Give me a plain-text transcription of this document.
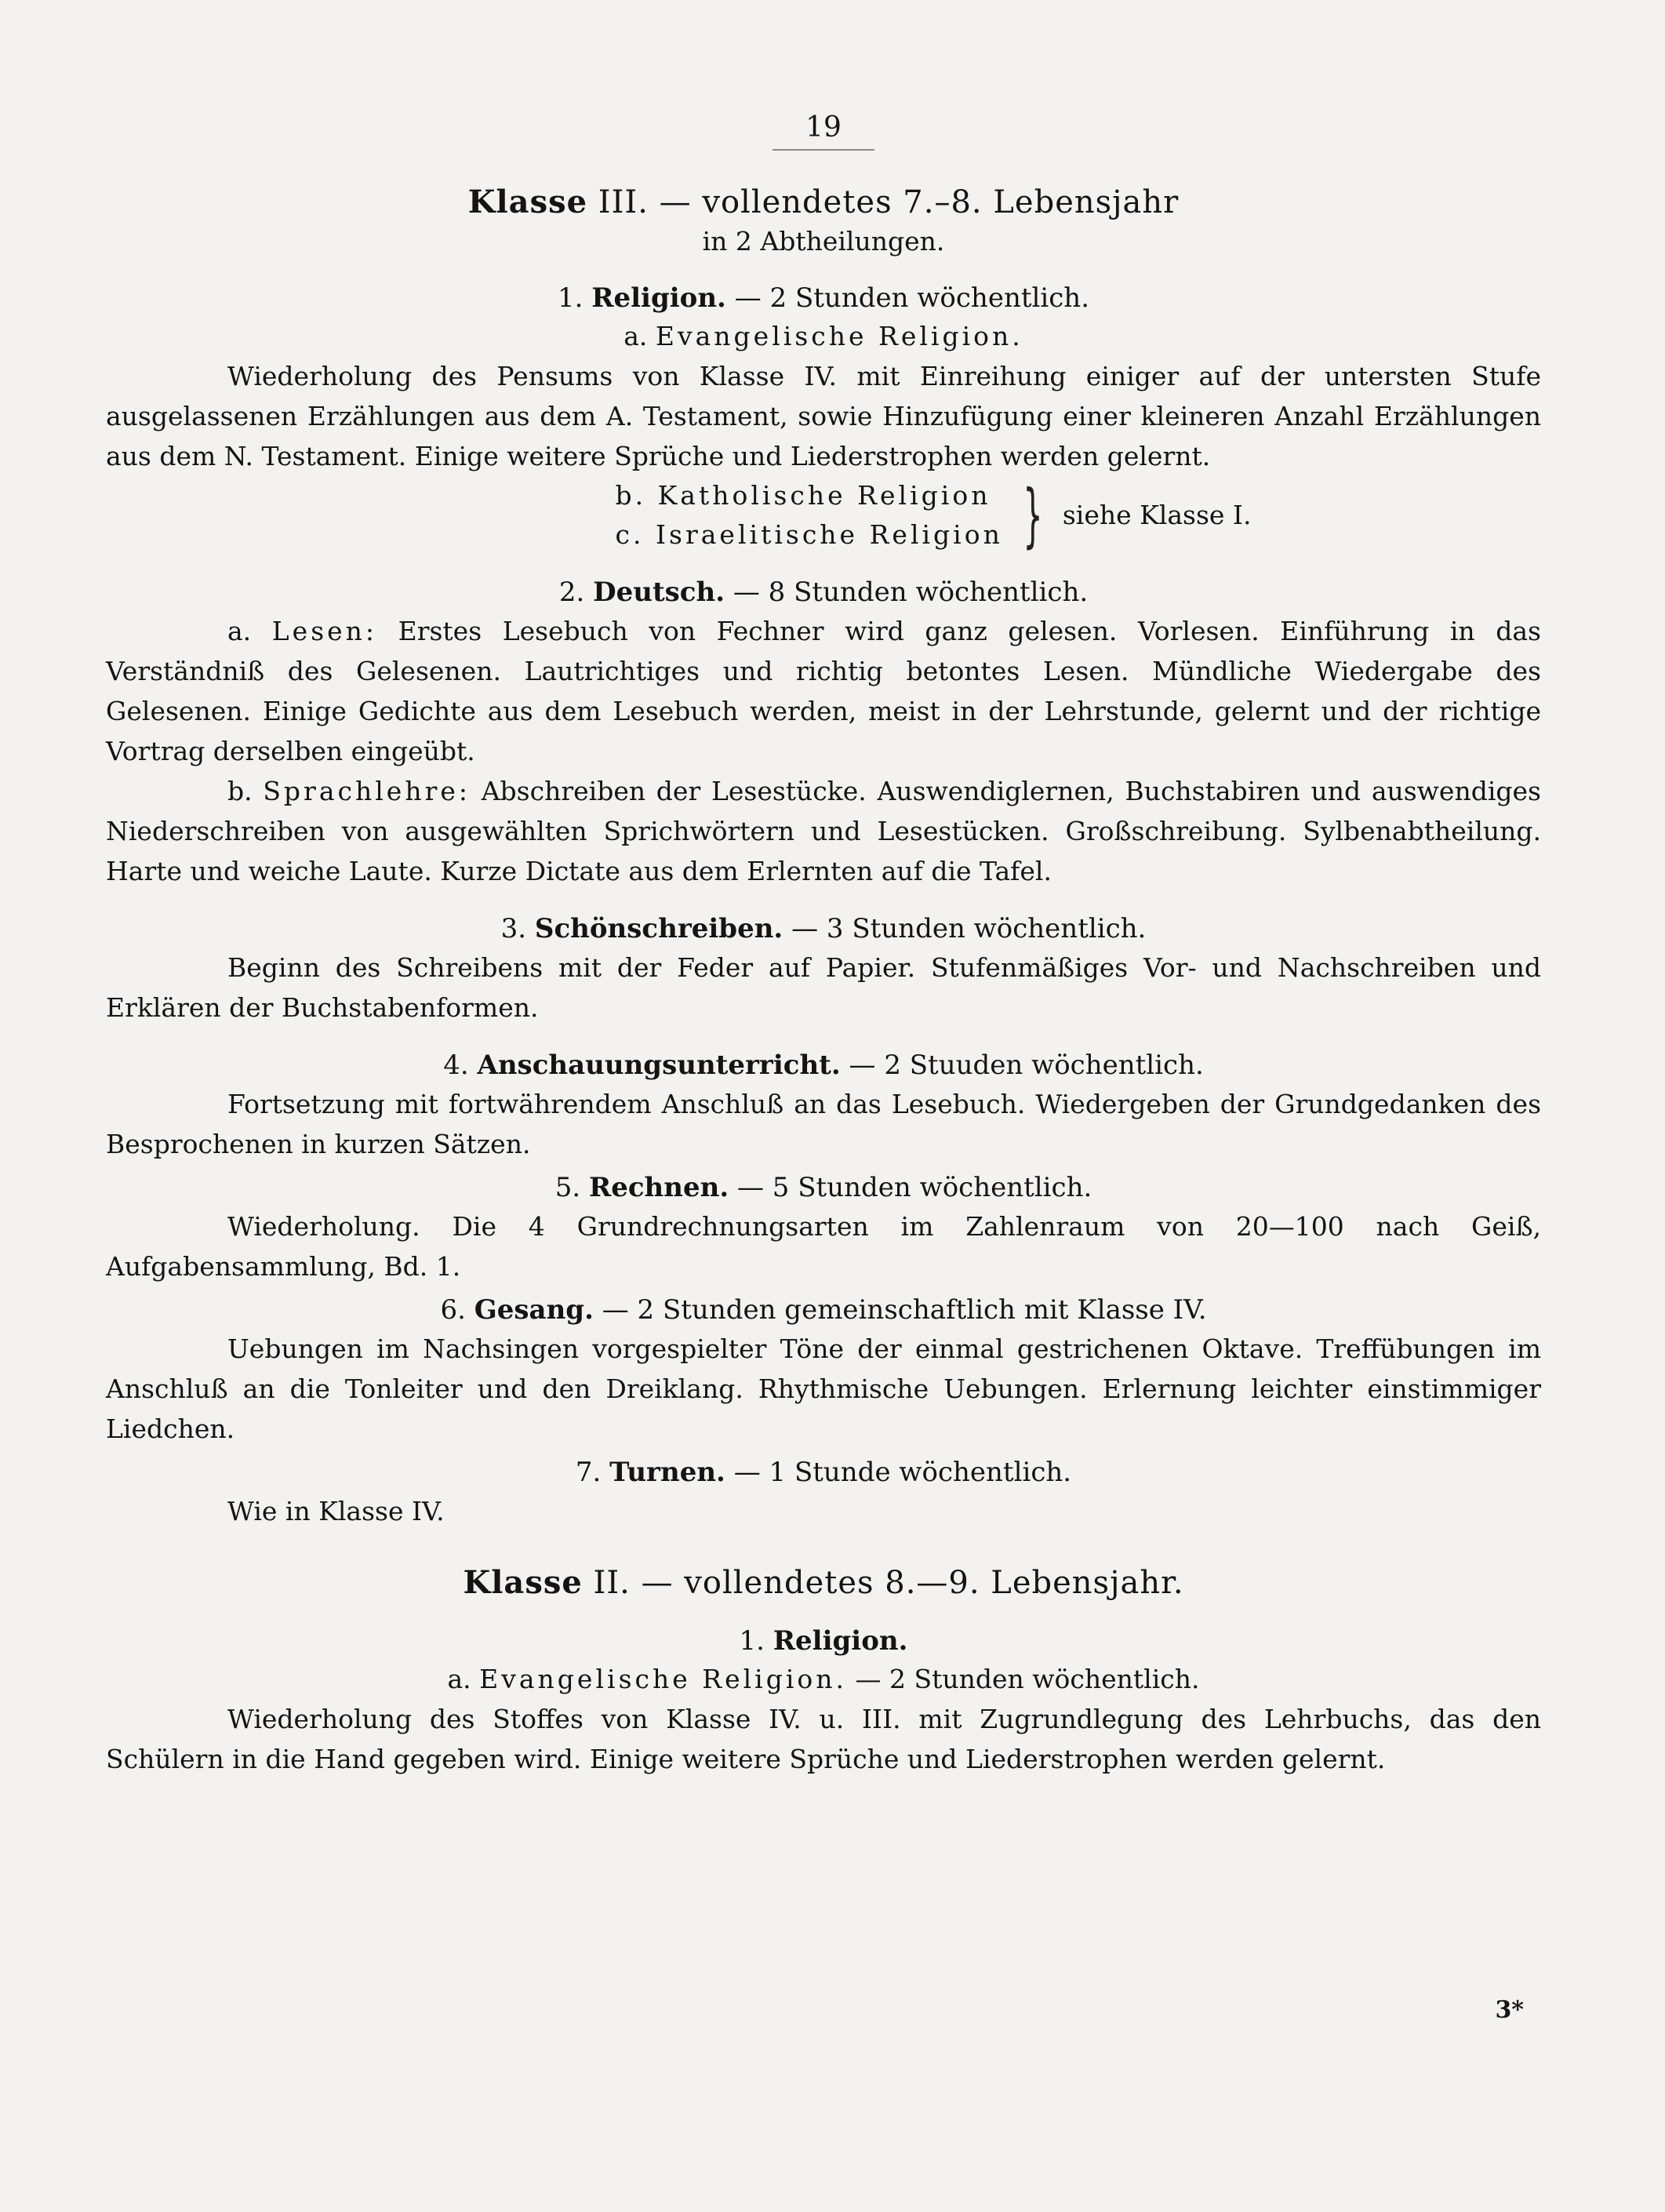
19
Klasse III. — vollendetes 7.–8. Lebensjahr
in 2 Abtheilungen.
1. Religion. — 2 Stunden wöchentlich.
a. Evangelische Religion.

Wiederholung des Pensums von Klasse IV. mit Einreihung einiger auf der untersten Stufe ausgelassenen Erzählungen aus dem A. Testament, sowie Hinzufügung einer kleineren Anzahl Erzählungen aus dem N. Testament. Einige weitere Sprüche und Liederstrophen werden gelernt.

b. Katholische Religion
c. Israelitische Religion } siehe Klasse I.
2. Deutsch. — 8 Stunden wöchentlich.

a. Lesen: Erstes Lesebuch von Fechner wird ganz gelesen. Vorlesen. Einführung in das Verständniß des Gelesenen. Lautrichtiges und richtig betontes Lesen. Mündliche Wiedergabe des Gelesenen. Einige Gedichte aus dem Lesebuch werden, meist in der Lehrstunde, gelernt und der richtige Vortrag derselben eingeübt.

b. Sprachlehre: Abschreiben der Lesestücke. Auswendiglernen, Buchstabiren und auswendiges Niederschreiben von ausgewählten Sprichwörtern und Lesestücken. Großschreibung. Sylbenabtheilung. Harte und weiche Laute. Kurze Dictate aus dem Erlernten auf die Tafel.

3. Schönschreiben. — 3 Stunden wöchentlich.

Beginn des Schreibens mit der Feder auf Papier. Stufenmäßiges Vor- und Nachschreiben und Erklären der Buchstabenformen.

4. Anschauungsunterricht. — 2 Stuuden wöchentlich.

Fortsetzung mit fortwährendem Anschluß an das Lesebuch. Wiedergeben der Grundgedanken des Besprochenen in kurzen Sätzen.

5. Rechnen. — 5 Stunden wöchentlich.

Wiederholung. Die 4 Grundrechnungsarten im Zahlenraum von 20—100 nach Geiß, Aufgabensammlung, Bd. 1.

6. Gesang. — 2 Stunden gemeinschaftlich mit Klasse IV.

Uebungen im Nachsingen vorgespielter Töne der einmal gestrichenen Oktave. Treffübungen im Anschluß an die Tonleiter und den Dreiklang. Rhythmische Uebungen. Erlernung leichter einstimmiger Liedchen.

7. Turnen. — 1 Stunde wöchentlich.

Wie in Klasse IV.

Klasse II. — vollendetes 8.—9. Lebensjahr.
1. Religion.
a. Evangelische Religion. — 2 Stunden wöchentlich.

Wiederholung des Stoffes von Klasse IV. u. III. mit Zugrundlegung des Lehrbuchs, das den Schülern in die Hand gegeben wird. Einige weitere Sprüche und Liederstrophen werden gelernt.

3*
